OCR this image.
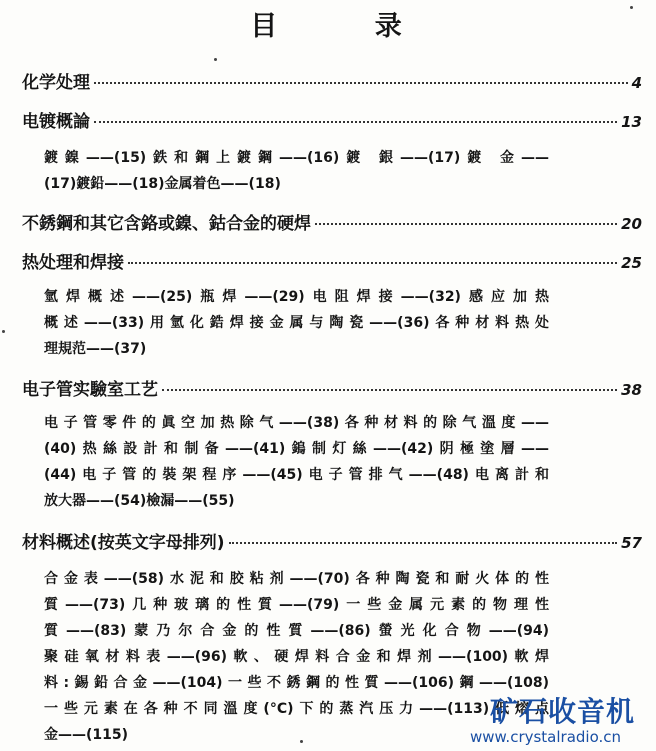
目 录
化学处理	4
电镀概論	13
鍍鎳——(15)鉄和鋼上鍍鋼——(16)鍍 銀——(17)鍍 金——
(17)鍍鉛——(18)金属着色——(18)
不銹鋼和其它含鉻或鎳、鈷合金的硬焊	20
热处理和焊接	25
氫焊概述——(25)瓶焊——(29)电阻焊接——(32)感应加热
概述——(33)用氫化鋯焊接金属与陶瓷——(36)各种材料热处
理規范——(37)
电子管实驗室工艺	38
电子管零件的眞空加热除气——(38)各种材料的除气溫度——
(40)热絲設計和制备——(41)鎢制灯絲——(42)阴極塗層——
(44)电子管的裝架程序——(45)电子管排气——(48)电离計和
放大器——(54)檢漏——(55)
材料概述(按英文字母排列)	57
合金表——(58)水泥和胶粘剂——(70)各种陶瓷和耐火体的性
質——(73)几种玻璃的性質——(79)一些金属元素的物理性
質——(83)蒙乃尔合金的性質——(86)螢光化合物——(94)
聚硅氧材料表——(96)軟、硬焊料合金和焊剂——(100)軟焊
料:錫鉛合金——(104)一些不銹鋼的性質——(106)鋼——(108)
一些元素在各种不同溫度(°C)下的蒸汽压力——(113)低熔点
金——(115)
矿石收音机
www.crystalradio.cn
